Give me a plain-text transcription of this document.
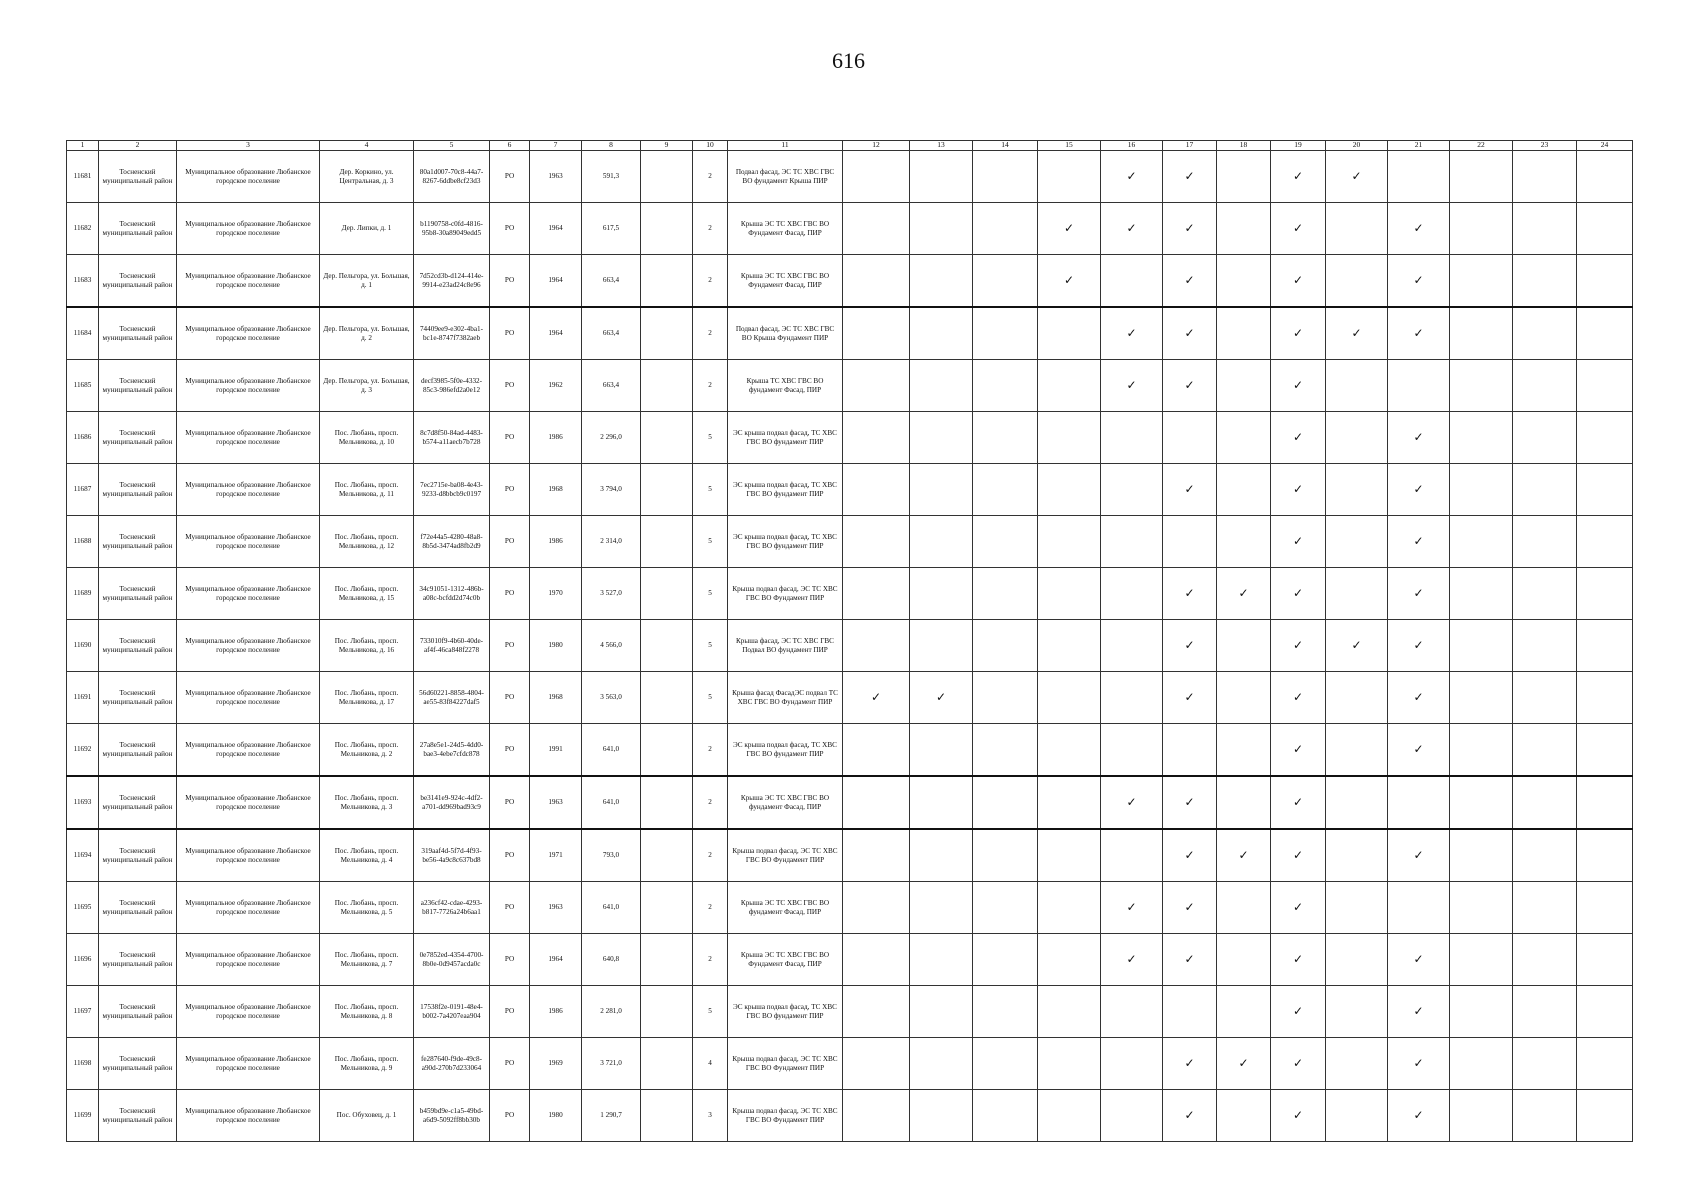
616
1	2	3	4	5	6	7	8	9	10	11	12	13	14	15	16	17	18	19	20	21	22	23	24
11681	Тосненский муниципальный район	Муниципальное образование Любанское городское поселение	Дер. Коркино, ул. Центральная, д. 3	80a1d007-70c8-44a7-8267-6ddbe8cf23d3	РО	1963	591,3		2	Подвал фасад, ЭС ТС ХВС ГВС ВО фундамент Крыша ПИР					✓	✓		✓	✓				
11682	Тосненский муниципальный район	Муниципальное образование Любанское городское поселение	Дер. Липки, д. 1	b1190758-c0fd-4816-95b8-30a89049edd5	РО	1964	617,5		2	Крыша ЭС ТС ХВС ГВС ВО Фундамент Фасад, ПИР				✓	✓	✓		✓		✓			
11683	Тосненский муниципальный район	Муниципальное образование Любанское городское поселение	Дер. Пельгора, ул. Большая, д. 1	7d52cd3b-d124-414e-9914-e23ad24c8e96	РО	1964	663,4		2	Крыша ЭС ТС ХВС ГВС ВО Фундамент Фасад, ПИР				✓		✓		✓		✓			
11684	Тосненский муниципальный район	Муниципальное образование Любанское городское поселение	Дер. Пельгора, ул. Большая, д. 2	74409ee9-e302-4ba1-bc1e-8747f7382aeb	РО	1964	663,4		2	Подвал фасад, ЭС ТС ХВС ГВС ВО Крыша Фундамент ПИР					✓	✓		✓	✓	✓			
11685	Тосненский муниципальный район	Муниципальное образование Любанское городское поселение	Дер. Пельгора, ул. Большая, д. 3	decf3985-5f0e-4332-85c3-986efd2a0e12	РО	1962	663,4		2	Крыша ТС ХВС ГВС ВО фундамент Фасад, ПИР					✓	✓		✓					
11686	Тосненский муниципальный район	Муниципальное образование Любанское городское поселение	Пос. Любань, просп. Мельникова, д. 10	8c7d8f50-84ad-4483-b574-a11aecb7b728	РО	1986	2 296,0		5	ЭС крыша подвал фасад, ТС ХВС ГВС ВО фундамент ПИР								✓		✓			
11687	Тосненский муниципальный район	Муниципальное образование Любанское городское поселение	Пос. Любань, просп. Мельникова, д. 11	7ec2715e-ba08-4e43-9233-d8bbcb9c0197	РО	1968	3 794,0		5	ЭС крыша подвал фасад, ТС ХВС ГВС ВО фундамент ПИР						✓		✓		✓			
11688	Тосненский муниципальный район	Муниципальное образование Любанское городское поселение	Пос. Любань, просп. Мельникова, д. 12	f72e44a5-4280-48a8-8b5d-3474ad8fb2d9	РО	1986	2 314,0		5	ЭС крыша подвал фасад, ТС ХВС ГВС ВО фундамент ПИР								✓		✓			
11689	Тосненский муниципальный район	Муниципальное образование Любанское городское поселение	Пос. Любань, просп. Мельникова, д. 15	34c91051-1312-486b-a08c-bcfdd2d74c0b	РО	1970	3 527,0		5	Крыша подвал фасад, ЭС ТС ХВС ГВС ВО Фундамент ПИР						✓	✓	✓		✓			
11690	Тосненский муниципальный район	Муниципальное образование Любанское городское поселение	Пос. Любань, просп. Мельникова, д. 16	733010f9-4b60-40de-af4f-46ca848f2278	РО	1980	4 566,0		5	Крыша фасад, ЭС ТС ХВС ГВС Подвал ВО фундамент ПИР						✓		✓	✓	✓			
11691	Тосненский муниципальный район	Муниципальное образование Любанское городское поселение	Пос. Любань, просп. Мельникова, д. 17	56d60221-8858-4804-ae55-83f84227daf5	РО	1968	3 563,0		5	Крыша фасад ФасадЭС подвал ТС ХВС ГВС ВО Фундамент ПИР	✓	✓				✓		✓		✓			
11692	Тосненский муниципальный район	Муниципальное образование Любанское городское поселение	Пос. Любань, просп. Мельникова, д. 2	27a8e5e1-24d5-4dd0-bae3-4ebe7cfdc878	РО	1991	641,0		2	ЭС крыша подвал фасад, ТС ХВС ГВС ВО фундамент ПИР								✓		✓			
11693	Тосненский муниципальный район	Муниципальное образование Любанское городское поселение	Пос. Любань, просп. Мельникова, д. 3	be3141e9-924c-4df2-a701-dd969bad93c9	РО	1963	641,0		2	Крыша ЭС ТС ХВС ГВС ВО фундамент Фасад, ПИР					✓	✓		✓					
11694	Тосненский муниципальный район	Муниципальное образование Любанское городское поселение	Пос. Любань, просп. Мельникова, д. 4	319aaf4d-5f7d-4f93-be56-4a9c8c637bd8	РО	1971	793,0		2	Крыша подвал фасад, ЭС ТС ХВС ГВС ВО Фундамент ПИР						✓	✓	✓		✓			
11695	Тосненский муниципальный район	Муниципальное образование Любанское городское поселение	Пос. Любань, просп. Мельникова, д. 5	a236cf42-cdae-4293-b817-7726a24b6aa1	РО	1963	641,0		2	Крыша ЭС ТС ХВС ГВС ВО фундамент Фасад, ПИР					✓	✓		✓					
11696	Тосненский муниципальный район	Муниципальное образование Любанское городское поселение	Пос. Любань, просп. Мельникова, д. 7	0e7852ed-4354-4700-8b0e-0d9457acda0c	РО	1964	640,8		2	Крыша ЭС ТС ХВС ГВС ВО Фундамент Фасад, ПИР					✓	✓		✓		✓			
11697	Тосненский муниципальный район	Муниципальное образование Любанское городское поселение	Пос. Любань, просп. Мельникова, д. 8	17538f2e-0191-48e4-b002-7a4207eaa904	РО	1986	2 281,0		5	ЭС крыша подвал фасад, ТС ХВС ГВС ВО фундамент ПИР								✓		✓			
11698	Тосненский муниципальный район	Муниципальное образование Любанское городское поселение	Пос. Любань, просп. Мельникова, д. 9	fe287640-f9de-49c8-a90d-270b7d233064	РО	1969	3 721,0		4	Крыша подвал фасад, ЭС ТС ХВС ГВС ВО Фундамент ПИР						✓	✓	✓		✓			
11699	Тосненский муниципальный район	Муниципальное образование Любанское городское поселение	Пос. Обуховец, д. 1	b459bd9e-c1a5-49bd-a6d9-5092ff8bb30b	РО	1980	1 290,7		3	Крыша подвал фасад, ЭС ТС ХВС ГВС ВО Фундамент ПИР						✓		✓		✓			
